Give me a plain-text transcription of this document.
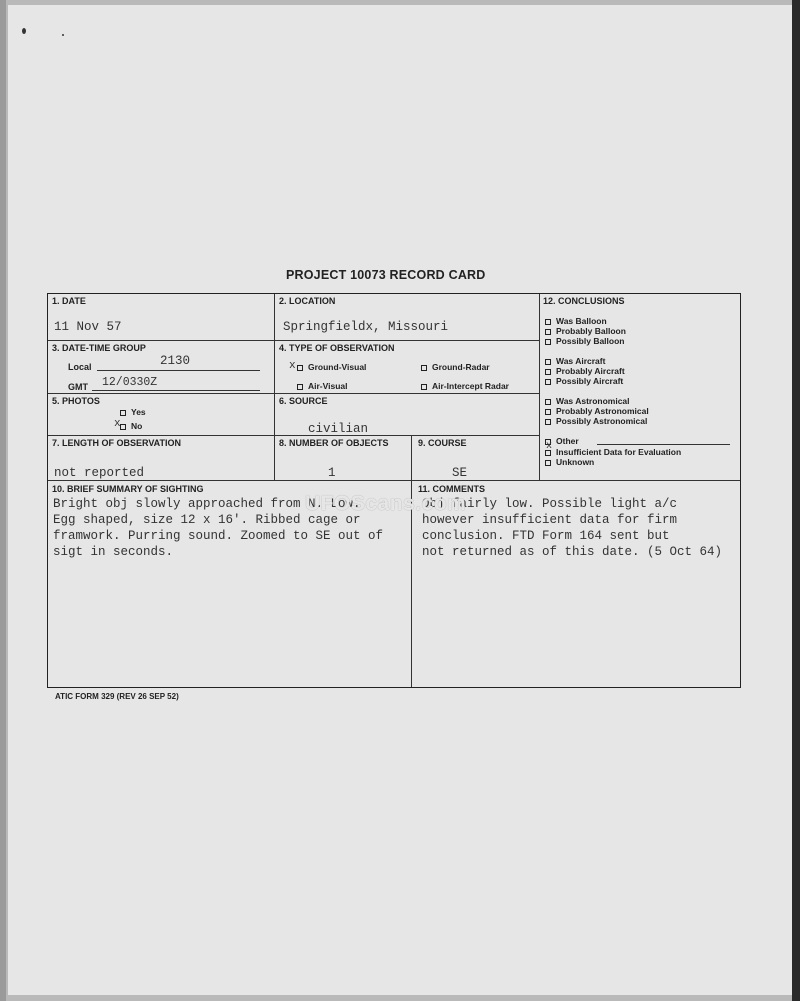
PROJECT 10073 RECORD CARD
1. DATE
11 Nov 57
2. LOCATION
Springfieldx, Missouri
3. DATE-TIME GROUP
Local	2130
GMT 12/0330Z
4. TYPE OF OBSERVATION
x	Ground-Visual	Ground-Radar
Air-Visual	Air-Intercept Radar
5. PHOTOS
Yes
x	No
6. SOURCE
civilian
7. LENGTH OF OBSERVATION
not reported
8. NUMBER OF OBJECTS
1
9. COURSE
SE
10. BRIEF SUMMARY OF SIGHTING
Bright obj slowly approached from N. Low.
Egg shaped, size 12 x 16'. Ribbed cage or
framwork. Purring sound. Zoomed to SE out of
sigt in seconds.
11. COMMENTS
Obj fairly low. Possible light a/c
however insufficient data for firm
conclusion. FTD Form 164 sent but
not returned as of this date. (5 Oct 64)
12. CONCLUSIONS
Was Balloon
Probably Balloon
Possibly Balloon
Was Aircraft
Probably Aircraft
Possibly Aircraft
Was Astronomical
Probably Astronomical
Possibly Astronomical
Other
x Insufficient Data for Evaluation
Unknown
UFOScans.com
ATIC FORM 329 (REV 26 SEP 52)
